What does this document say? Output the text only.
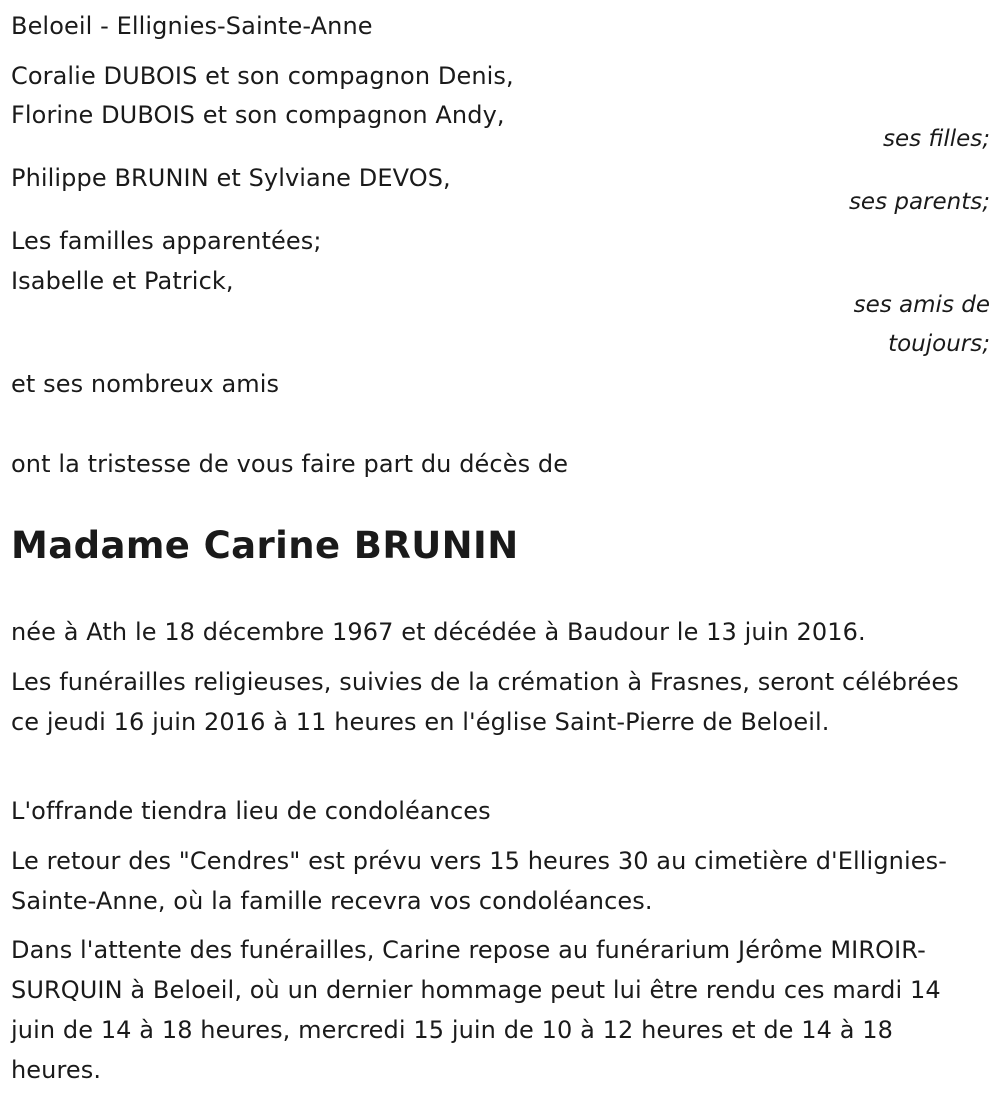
Beloeil - Ellignies-Sainte-Anne
Coralie DUBOIS et son compagnon Denis,
Florine DUBOIS et son compagnon Andy,
ses filles;
Philippe BRUNIN et Sylviane DEVOS,
ses parents;
Les familles apparentées;
Isabelle et Patrick,
ses amis de
toujours;
et ses nombreux amis
ont la tristesse de vous faire part du décès de
Madame Carine BRUNIN
née à Ath le 18 décembre 1967 et décédée à Baudour le 13 juin 2016.
Les funérailles religieuses, suivies de la crémation à Frasnes, seront célébrées ce jeudi 16 juin 2016 à 11 heures en l'église Saint-Pierre de Beloeil.
L'offrande tiendra lieu de condoléances
Le retour des "Cendres" est prévu vers 15 heures 30 au cimetière d'Ellignies-Sainte-Anne, où la famille recevra vos condoléances.
Dans l'attente des funérailles, Carine repose au funérarium Jérôme MIROIR-SURQUIN à Beloeil, où un dernier hommage peut lui être rendu ces mardi 14 juin de 14 à 18 heures, mercredi 15 juin de 10 à 12 heures et de 14 à 18 heures.
